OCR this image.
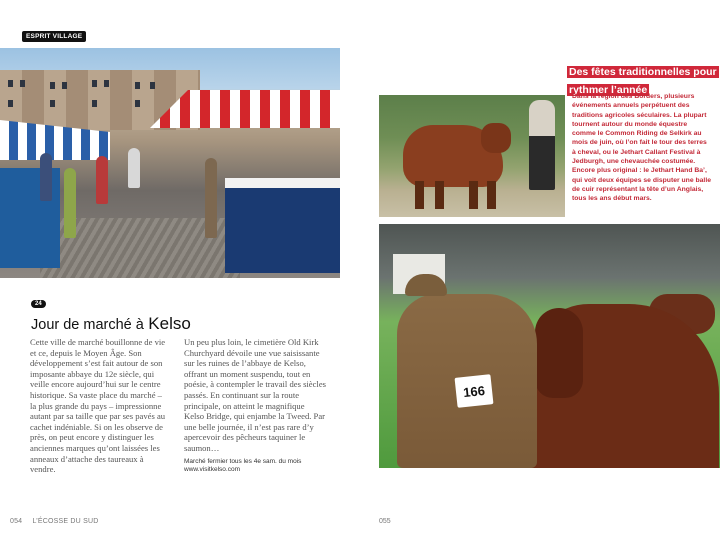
ESPRIT VILLAGE
166
24
Jour de marché à Kelso

Cette ville de marché bouillonne de vie et ce, depuis le Moyen Âge. Son développement s’est fait autour de son imposante abbaye du 12e siècle, qui veille encore aujourd’hui sur le centre historique. Sa vaste place du marché – la plus grande du pays – impressionne autant par sa taille que par ses pavés au cachet indéniable. Si on les observe de près, on peut encore y distinguer les anciennes marques qu’ont laissées les anneaux d’attache des taureaux à vendre.

Un peu plus loin, le cimetière Old Kirk Churchyard dévoile une vue saisissante sur les ruines de l’abbaye de Kelso, offrant un moment suspendu, tout en poésie, à contempler le travail des siècles passés. En continuant sur la route principale, on atteint le magnifique Kelso Bridge, qui enjambe la Tweed. Par une belle journée, il n’est pas rare d’y apercevoir des pêcheurs taquiner le saumon…

Marché fermier tous les 4e sam. du mois
www.visitkelso.com
Des fêtes traditionnelles pour rythmer l’année
Dans la région des Borders, plusieurs événements annuels perpétuent des traditions agricoles séculaires. La plupart tournent autour du monde équestre comme le Common Riding de Selkirk au mois de juin, où l’on fait le tour des terres à cheval, ou le Jethart Callant Festival à Jedburgh, une chevauchée costumée. Encore plus original : le Jethart Hand Ba’, qui voit deux équipes se disputer une balle de cuir représentant la tête d’un Anglais, tous les ans début mars.
054 L’ÉCOSSE DU SUD	055
